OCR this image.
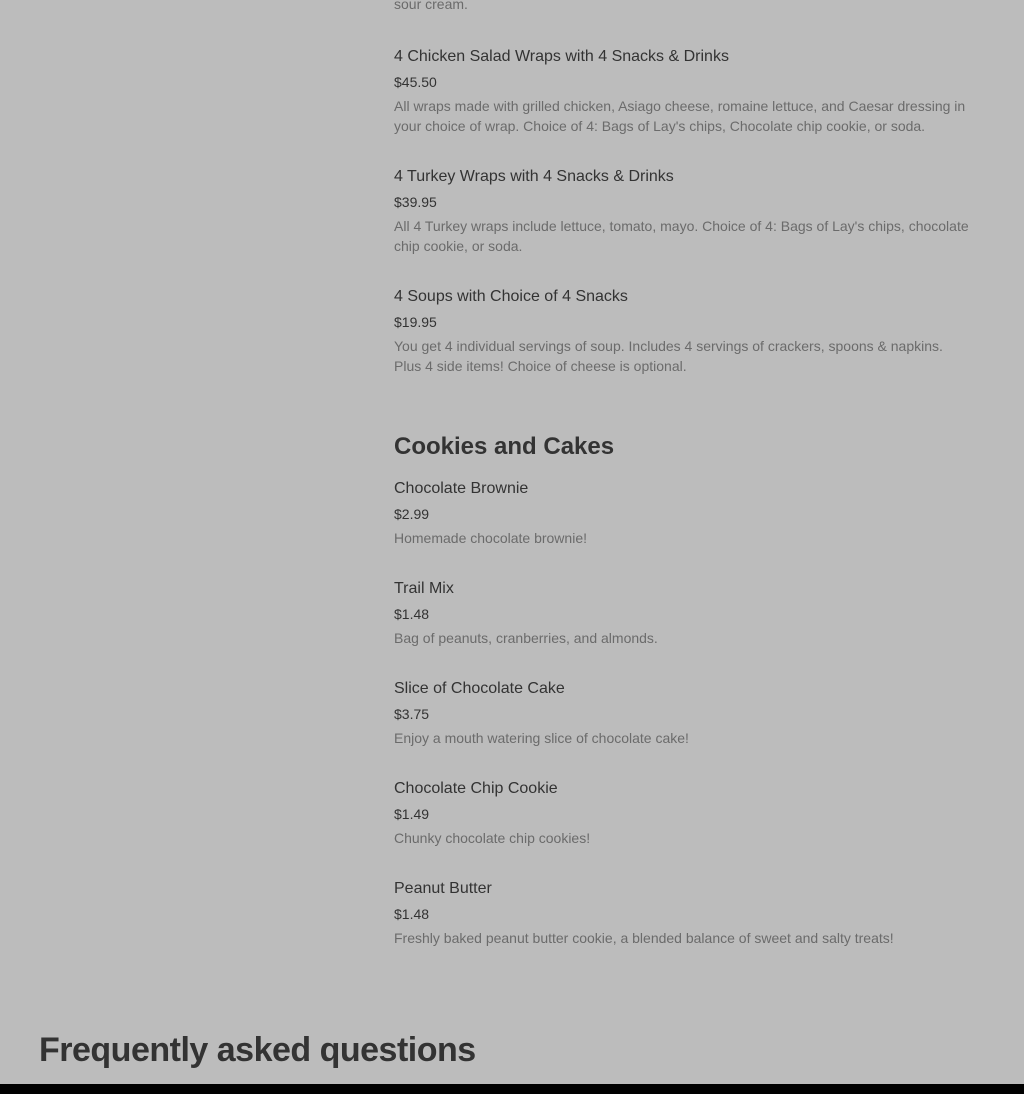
sour cream.
4 Chicken Salad Wraps with 4 Snacks & Drinks
$45.50
All wraps made with grilled chicken, Asiago cheese, romaine lettuce, and Caesar dressing in your choice of wrap. Choice of 4: Bags of Lay's chips, Chocolate chip cookie, or soda.
4 Turkey Wraps with 4 Snacks & Drinks
$39.95
All 4 Turkey wraps include lettuce, tomato, mayo. Choice of 4: Bags of Lay's chips, chocolate chip cookie, or soda.
4 Soups with Choice of 4 Snacks
$19.95
You get 4 individual servings of soup. Includes 4 servings of crackers, spoons & napkins. Plus 4 side items! Choice of cheese is optional.
Cookies and Cakes
Chocolate Brownie
$2.99
Homemade chocolate brownie!
Trail Mix
$1.48
Bag of peanuts, cranberries, and almonds.
Slice of Chocolate Cake
$3.75
Enjoy a mouth watering slice of chocolate cake!
Chocolate Chip Cookie
$1.49
Chunky chocolate chip cookies!
Peanut Butter
$1.48
Freshly baked peanut butter cookie, a blended balance of sweet and salty treats!
Frequently asked questions
